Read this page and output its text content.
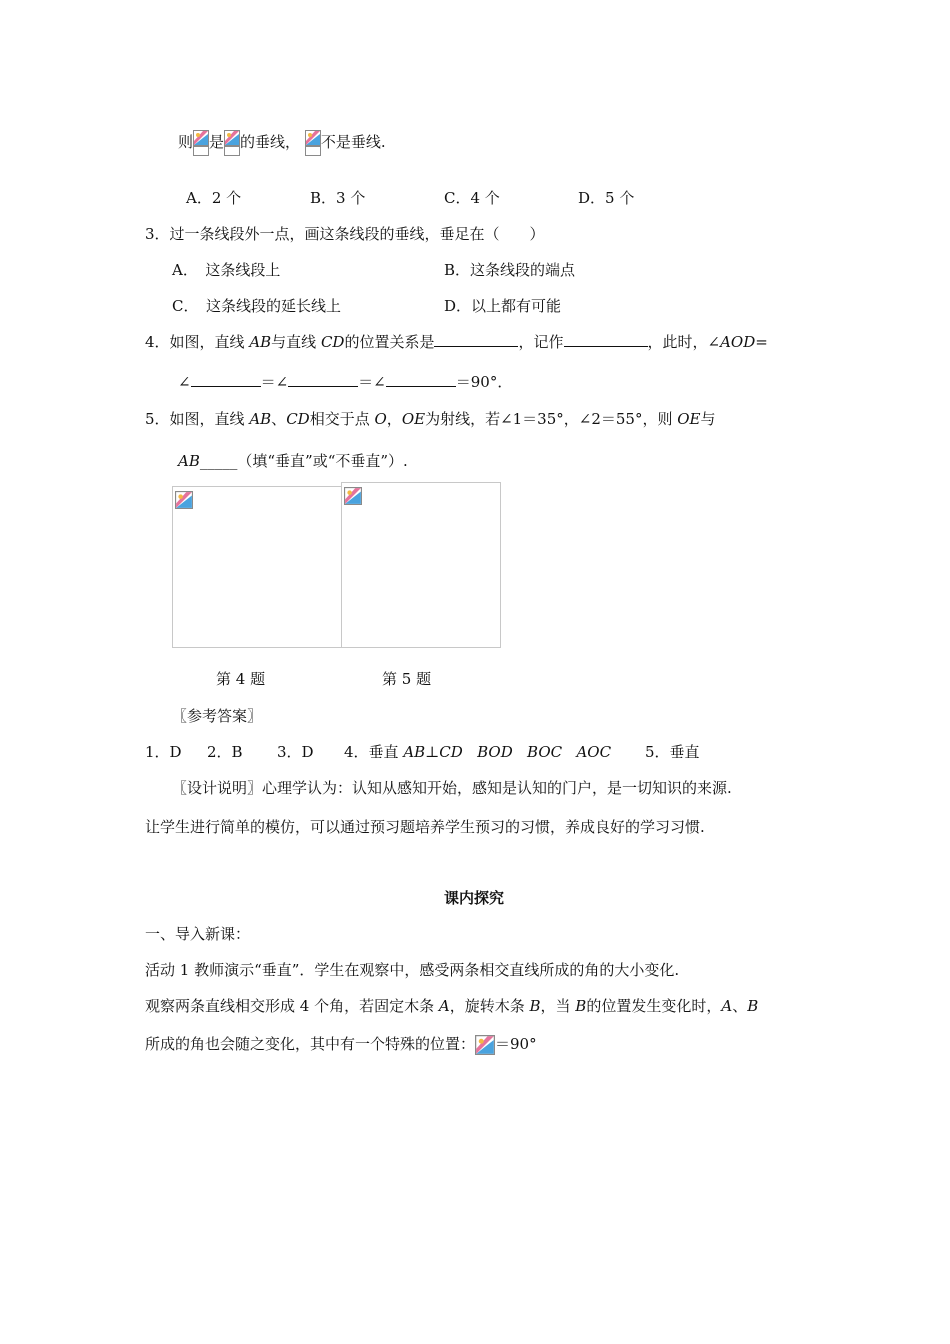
则 是 的垂线， 不是垂线.
A．2 个	B．3 个	C．4 个	D．5 个
3．过一条线段外一点，画这条线段的垂线，垂足在（　　）
A．　这条线段上	B．这条线段的端点
C．　这条线段的延长线上	D．以上都有可能
4．如图，直线 AB与直线 CD的位置关系是	，记作	，此时，∠AOD=
∠	＝∠	＝∠	＝90°．
5．如图，直线 AB、CD相交于点 O，OE为射线，若∠1＝35°，∠2＝55°，则 OE与
AB_____（填“垂直”或“不垂直”）.
第 4 题	第 5 题
〖参考答案〗
1．D 2．B 3．D 4．垂直 AB⊥CD BOD BOC AOC 5．垂直
〖设计说明〗心理学认为：认知从感知开始，感知是认知的门户，是一切知识的来源.
让学生进行简单的模仿，可以通过预习题培养学生预习的习惯，养成良好的学习习惯.
课内探究
一、导入新课：
活动 1 教师演示“垂直”．学生在观察中，感受两条相交直线所成的角的大小变化.
观察两条直线相交形成 4 个角，若固定木条 A，旋转木条 B，当 B的位置发生变化时，A、B
所成的角也会随之变化，其中有一个特殊的位置： ＝90°
